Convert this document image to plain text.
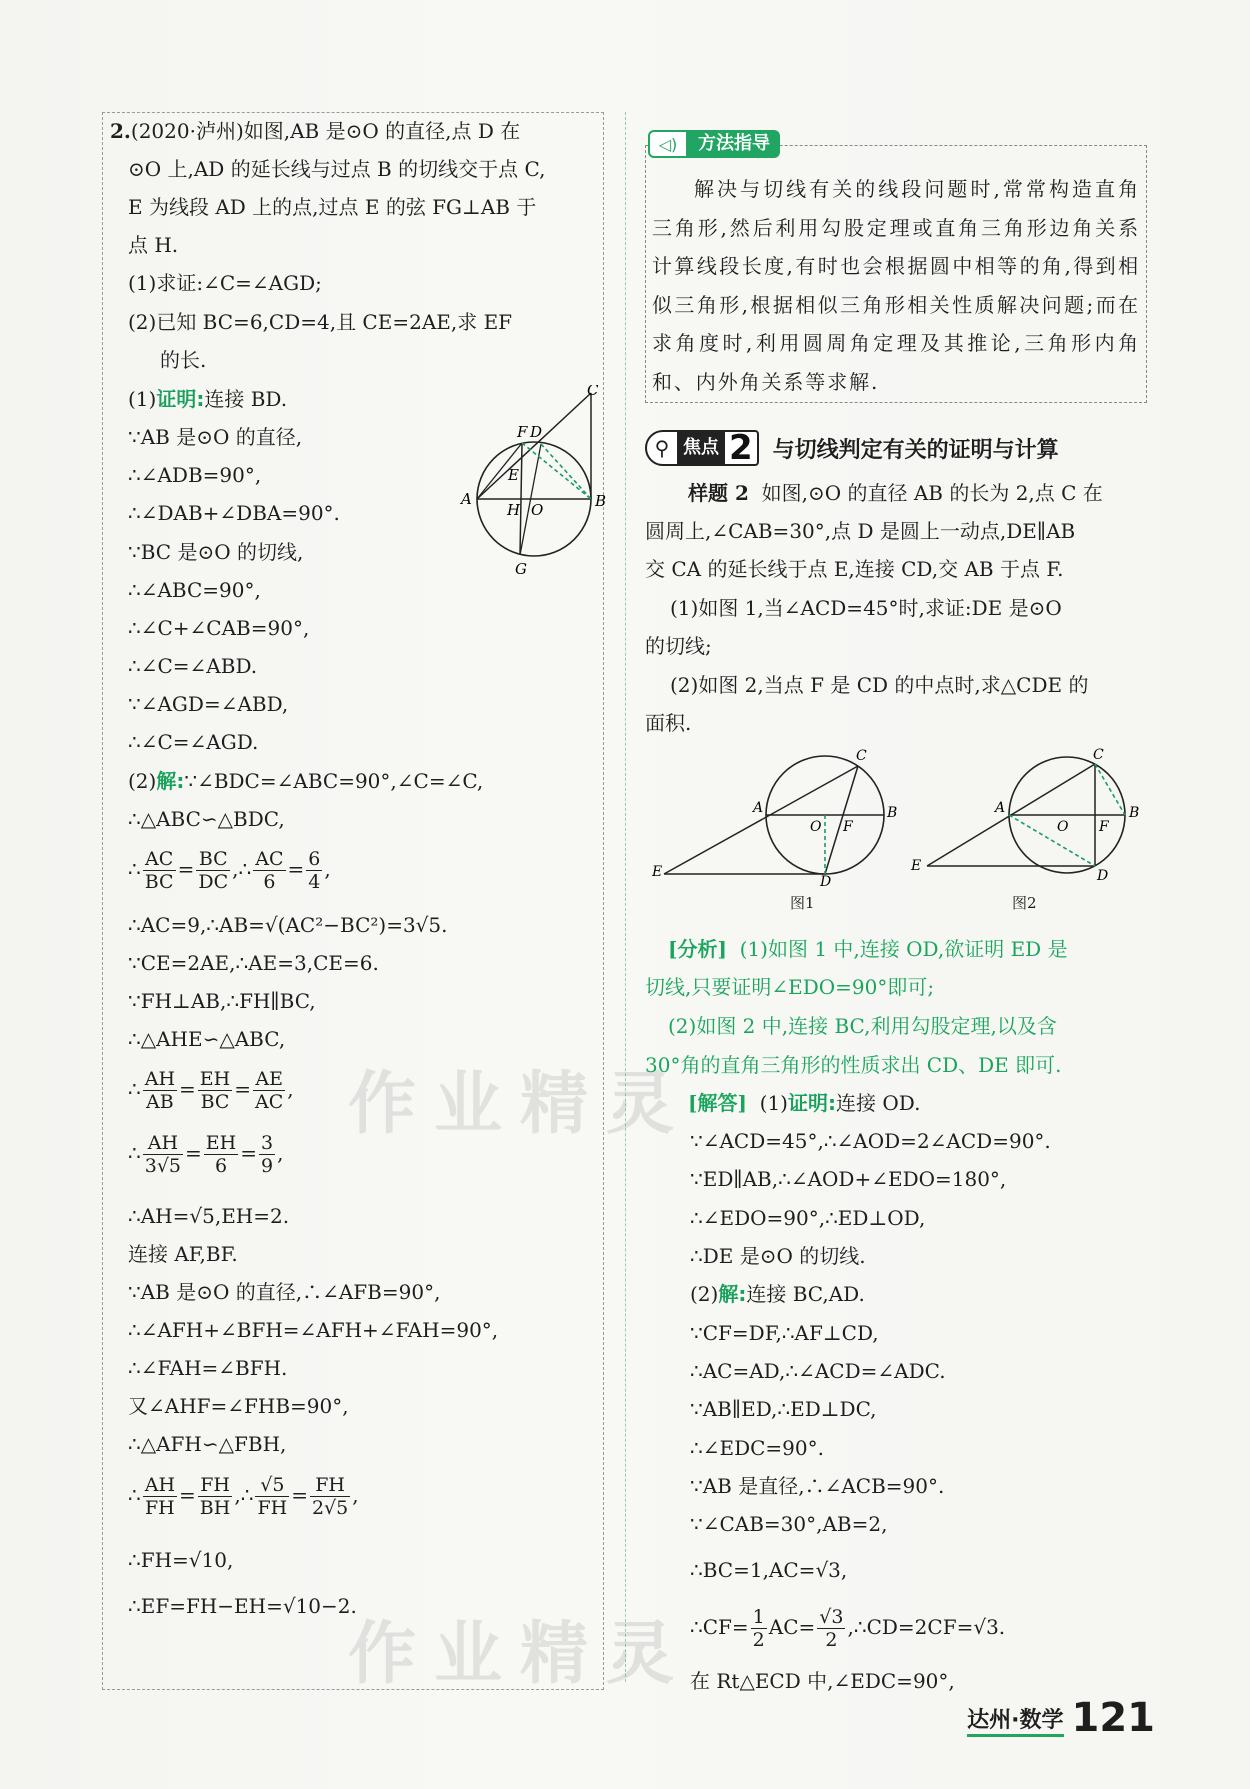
2.(2020·泸州)如图,AB 是⊙O 的直径,点 D 在
⊙O 上,AD 的延长线与过点 B 的切线交于点 C,
E 为线段 AD 上的点,过点 E 的弦 FG⊥AB 于
点 H.
(1)求证:∠C=∠AGD;
(2)已知 BC=6,CD=4,且 CE=2AE,求 EF
的长.
(1)证明:连接 BD.
∵AB 是⊙O 的直径,
∴∠ADB=90°,
∴∠DAB+∠DBA=90°.
∵BC 是⊙O 的切线,
∴∠ABC=90°,
∴∠C+∠CAB=90°,
∴∠C=∠ABD.
∵∠AGD=∠ABD,
∴∠C=∠AGD.
C
F D
E
A
H O	B
G
(2)解:∵∠BDC=∠ABC=90°,∠C=∠C,
∴△ABC∽△BDC,
∴ $\frac{AC}{BC} = \frac{BC}{DC}$ ,∴ $\frac{AC}{6} = \frac{6}{4}$ ,
∴AC=9,∴AB=√(AC²−BC²)=3√5.
∵CE=2AE,∴AE=3,CE=6.
∵FH⊥AB,∴FH∥BC,
∴△AHE∽△ABC,
∴ $\frac{AH}{AB} = \frac{EH}{BC} = \frac{AE}{AC}$ ,
∴ $\frac{AH}{3√5} = \frac{EH}{6} = \frac{3}{9}$ ,
∴AH=√5,EH=2.
连接 AF,BF.
∵AB 是⊙O 的直径,∴∠AFB=90°,
∴∠AFH+∠BFH=∠AFH+∠FAH=90°,
∴∠FAH=∠BFH.
又∠AHF=∠FHB=90°,
∴△AFH∽△FBH,
∴ $\frac{AH}{FH} = \frac{FH}{BH}$ ,∴ $\frac{√5}{FH} = \frac{FH}{2√5}$ ,
∴FH=√10,
∴EF=FH−EH=√10−2.
◁)	方法指导
解决与切线有关的线段问题时,常常构造直角三角形,然后利用勾股定理或直角三角形边角关系计算线段长度,有时也会根据圆中相等的角,得到相似三角形,根据相似三角形相关性质解决问题;而在求角度时,利用圆周角定理及其推论,三角形内角和、内外角关系等求解.
⚲ 焦点 2 与切线判定有关的证明与计算
样题 2 如图,⊙O 的直径 AB 的长为 2,点 C 在
圆周上,∠CAB=30°,点 D 是圆上一动点,DE∥AB
交 CA 的延长线于点 E,连接 CD,交 AB 于点 F.
(1)如图 1,当∠ACD=45°时,求证:DE 是⊙O
的切线;
(2)如图 2,当点 F 是 CD 的中点时,求△CDE 的
面积.
C
A	B
O F
E
D
图1
C
A	B
O F
E
D
图2
[分析] (1)如图 1 中,连接 OD,欲证明 ED 是
切线,只要证明∠EDO=90°即可;
(2)如图 2 中,连接 BC,利用勾股定理,以及含
30°角的直角三角形的性质求出 CD、DE 即可.
[解答] (1)证明:连接 OD.
∵∠ACD=45°,∴∠AOD=2∠ACD=90°.
∵ED∥AB,∴∠AOD+∠EDO=180°,
∴∠EDO=90°,∴ED⊥OD,
∴DE 是⊙O 的切线.
(2)解:连接 BC,AD.
∵CF=DF,∴AF⊥CD,
∴AC=AD,∴∠ACD=∠ADC.
∵AB∥ED,∴ED⊥DC,
∴∠EDC=90°.
∵AB 是直径,∴∠ACB=90°.
∵∠CAB=30°,AB=2,
∴BC=1,AC=√3,
∴CF= $\frac{1}{2} AC= \frac{√3}{2}$ ,∴CD=2CF=√3.
在 Rt△ECD 中,∠EDC=90°,
作业精灵
作业精灵
达州·数学 121
